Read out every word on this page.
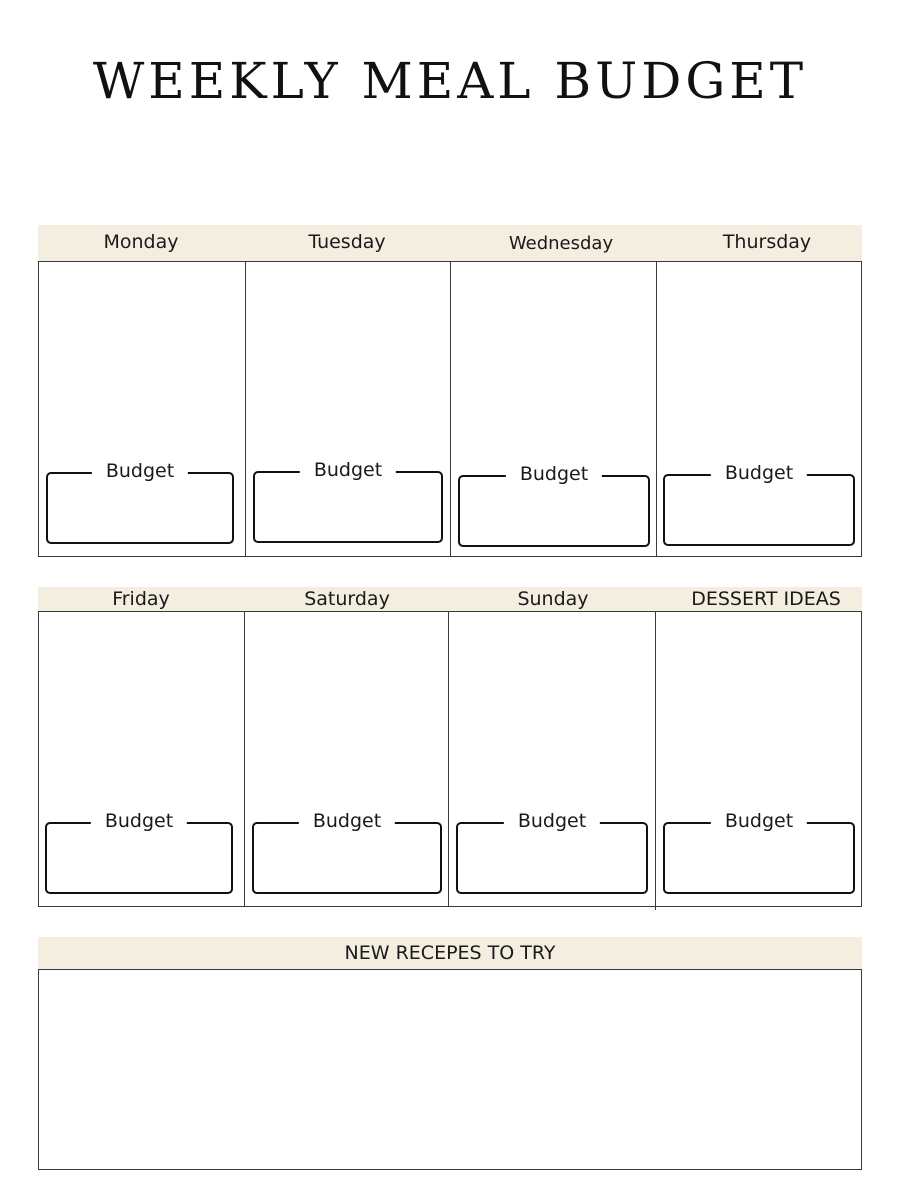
WEEKLY MEAL BUDGET
Monday	Tuesday	Wednesday	Thursday
Budget	Budget	Budget	Budget
Friday	Saturday	Sunday	DESSERT IDEAS
Budget	Budget	Budget	Budget
NEW RECEPES TO TRY
